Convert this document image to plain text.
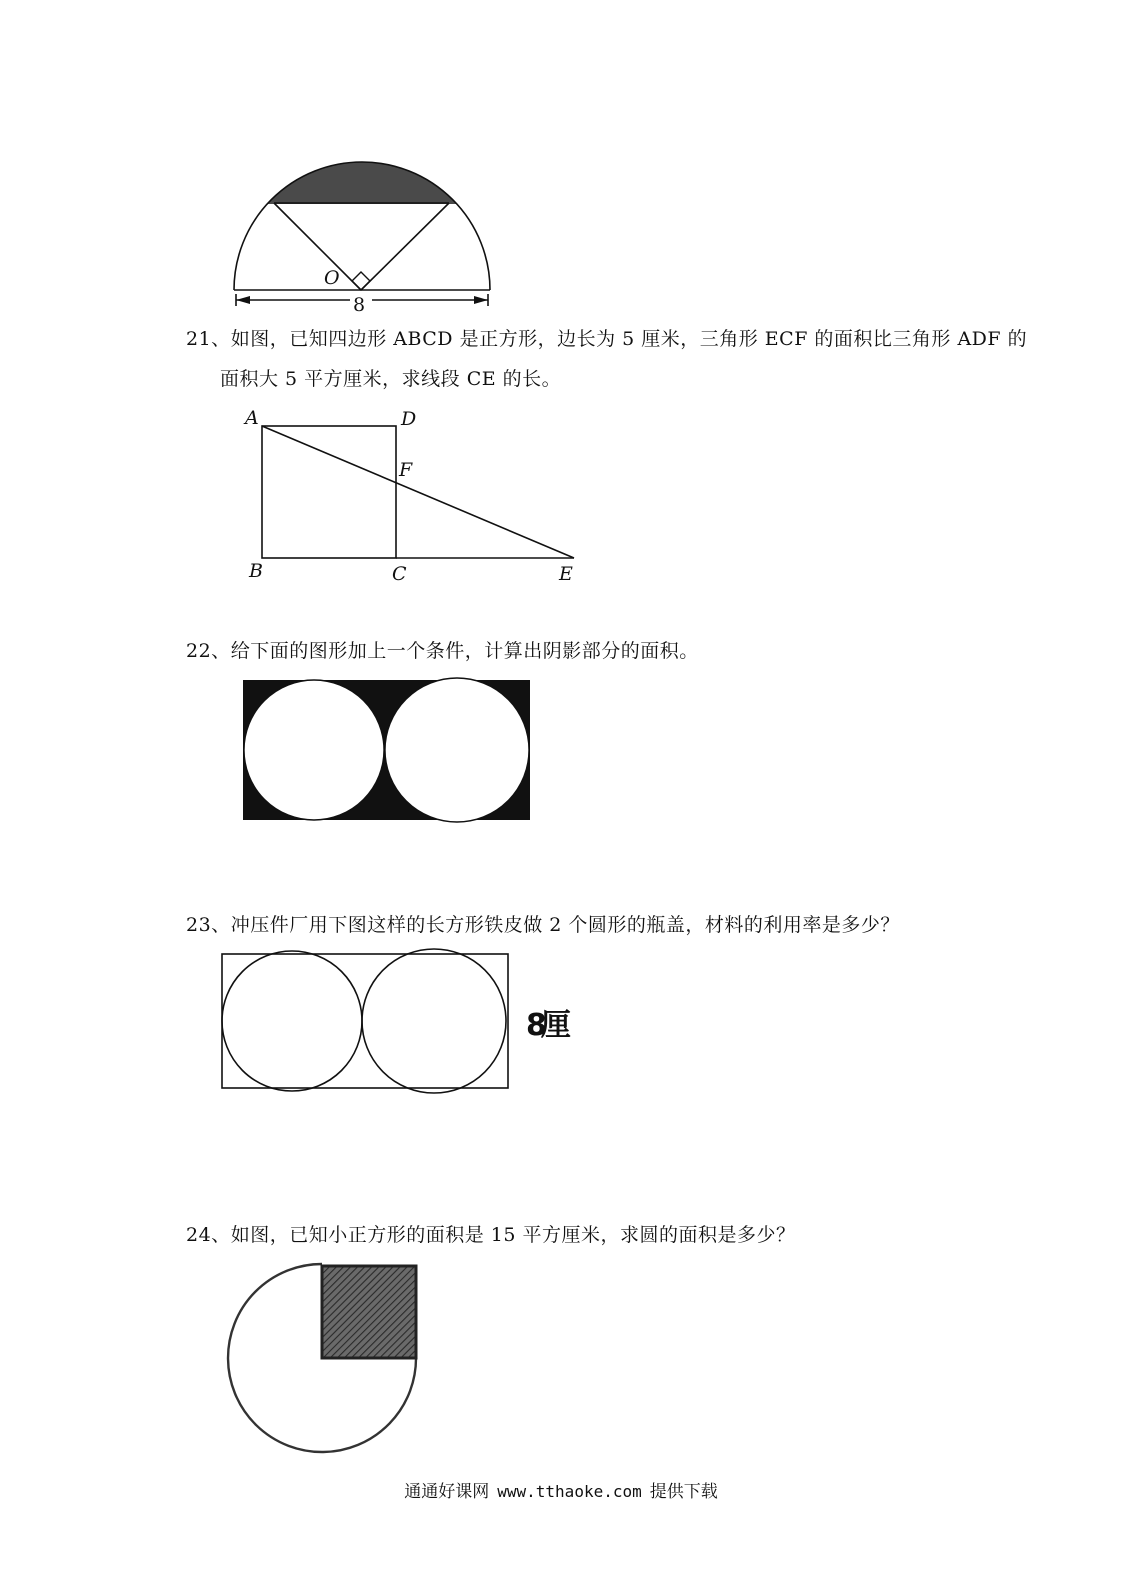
O
8
21、如图，已知四边形 ABCD 是正方形，边长为 5 厘米，三角形 ECF 的面积比三角形 ADF 的
面积大 5 平方厘米，求线段 CE 的长。
A	D
F
B	C	E
22、给下面的图形加上一个条件，计算出阴影部分的面积。
23、冲压件厂用下图这样的长方形铁皮做 2 个圆形的瓶盖，材料的利用率是多少？
8厘
24、如图，已知小正方形的面积是 15 平方厘米，求圆的面积是多少？
通通好课网 www.tthaoke.com 提供下载
